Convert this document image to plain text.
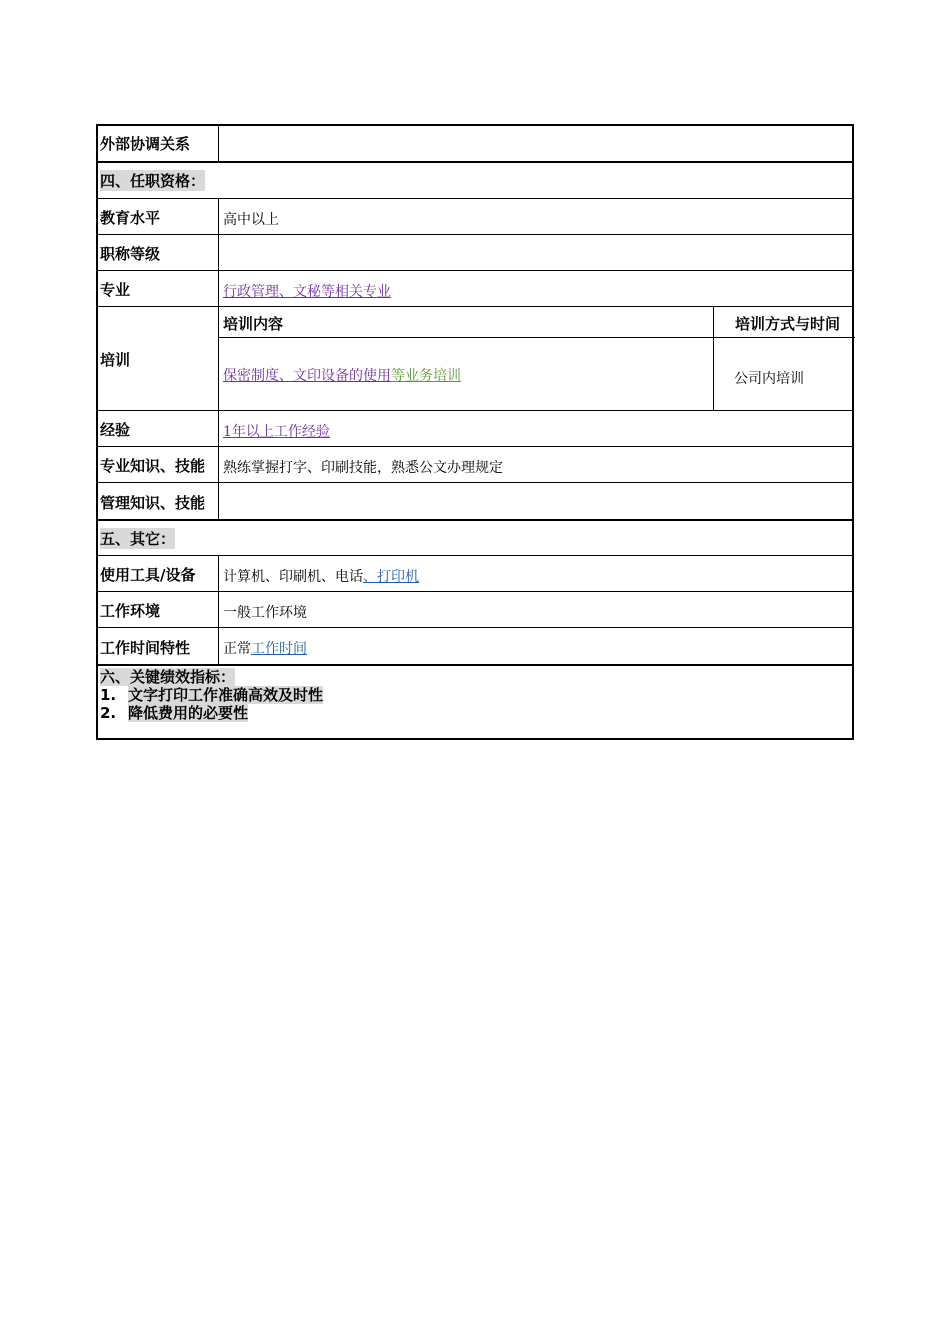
外部协调关系
四、任职资格：
教育水平	高中以上
职称等级
专业	行政管理、文秘等相关专业
培训
培训内容	培训方式与时间
保密制度、文印设备的使用 等业务培训	公司内培训
经验	1年以上工作经验
专业知识、技能	熟练掌握打字、印刷技能，熟悉公文办理规定
管理知识、技能
五、其它：
使用工具/设备	计算机、印刷机、电话 、打印机
工作环境	一般工作环境
工作时间特性	正常 工作时间
六、关键绩效指标：
1. 文字打印工作准确高效及时性
2. 降低费用的必要性
